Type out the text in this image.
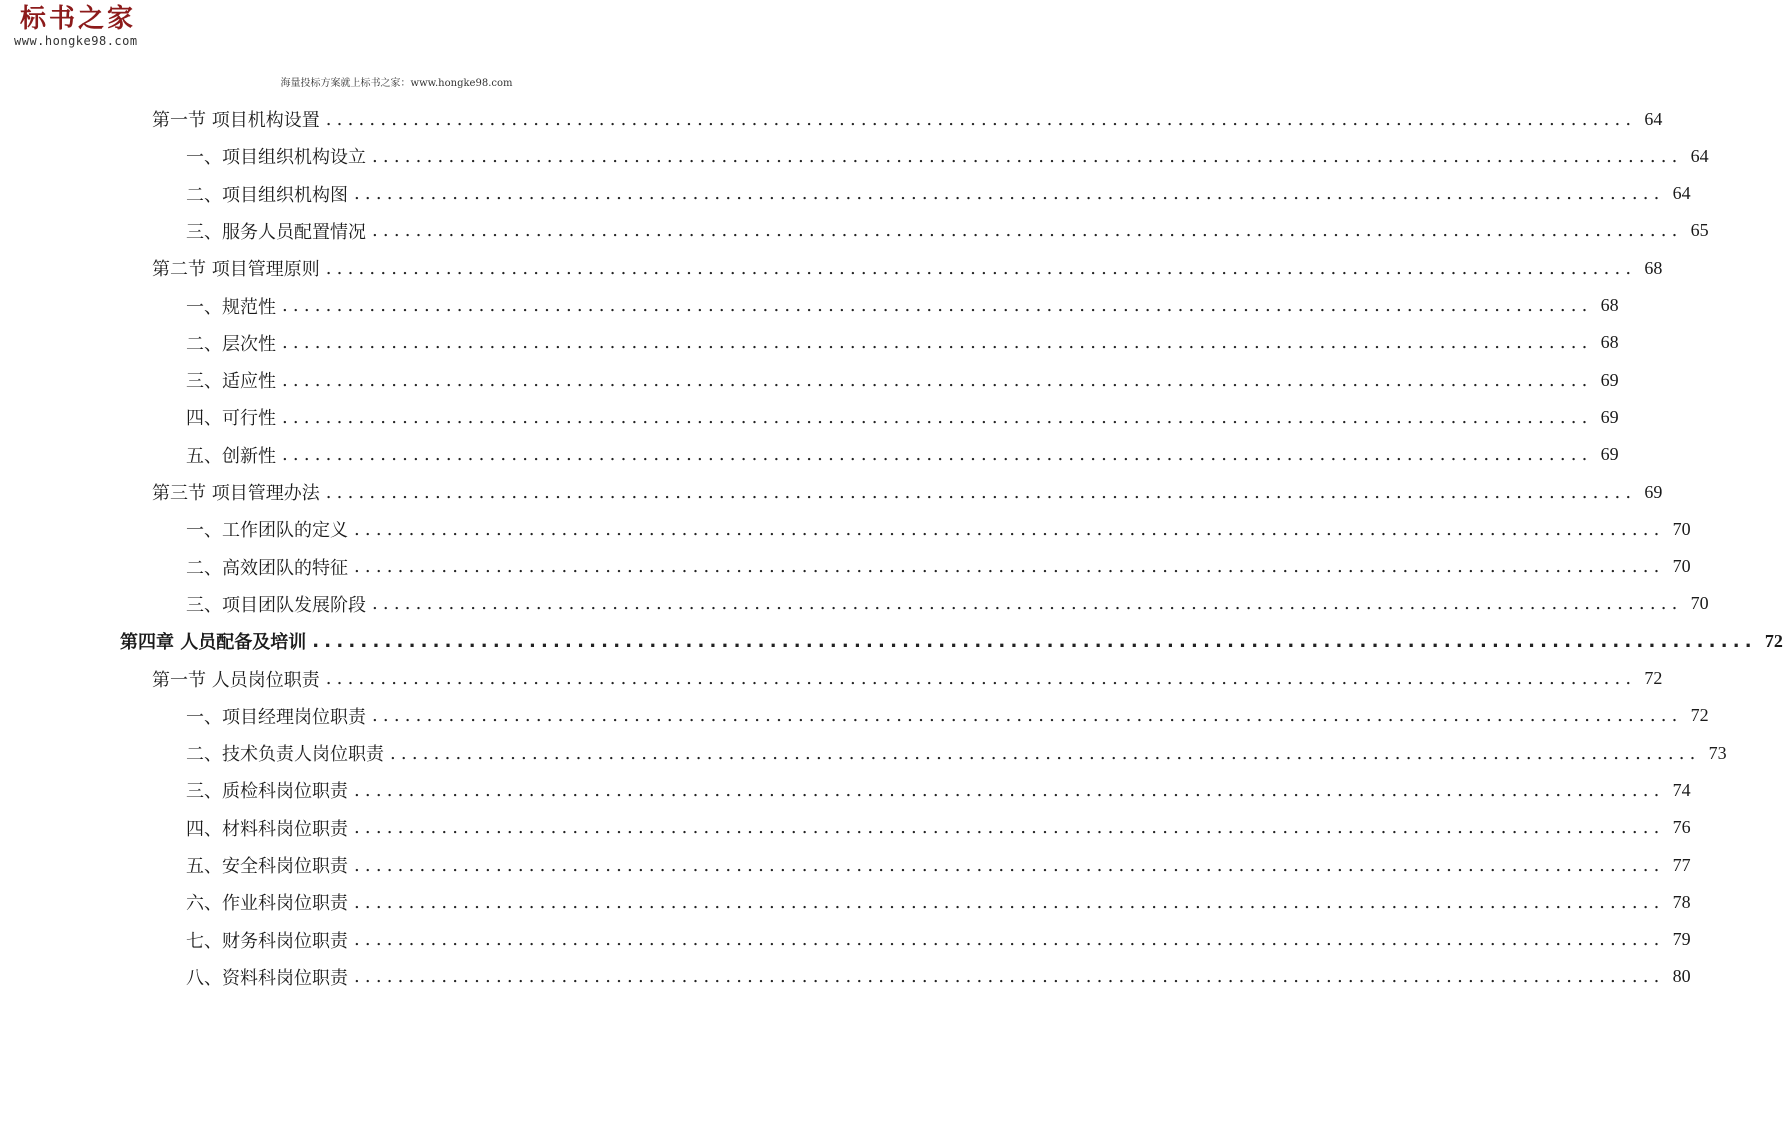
标书之家
www.hongke98.com
海量投标方案就上标书之家：www.hongke98.com
第一节 项目机构设置 ........................................................................................................................ 64
一、项目组织机构设立 ........................................................................................................................ 64
二、项目组织机构图 ........................................................................................................................ 64
三、服务人员配置情况 ........................................................................................................................ 65
第二节 项目管理原则 ........................................................................................................................ 68
一、规范性 ........................................................................................................................ 68
二、层次性 ........................................................................................................................ 68
三、适应性 ........................................................................................................................ 69
四、可行性 ........................................................................................................................ 69
五、创新性 ........................................................................................................................ 69
第三节 项目管理办法 ........................................................................................................................ 69
一、工作团队的定义 ........................................................................................................................ 70
二、高效团队的特征 ........................................................................................................................ 70
三、项目团队发展阶段 ........................................................................................................................ 70
第四章 人员配备及培训 ........................................................................................................................ 72
第一节 人员岗位职责 ........................................................................................................................ 72
一、项目经理岗位职责 ........................................................................................................................ 72
二、技术负责人岗位职责 ........................................................................................................................ 73
三、质检科岗位职责 ........................................................................................................................ 74
四、材料科岗位职责 ........................................................................................................................ 76
五、安全科岗位职责 ........................................................................................................................ 77
六、作业科岗位职责 ........................................................................................................................ 78
七、财务科岗位职责 ........................................................................................................................ 79
八、资料科岗位职责 ........................................................................................................................ 80
